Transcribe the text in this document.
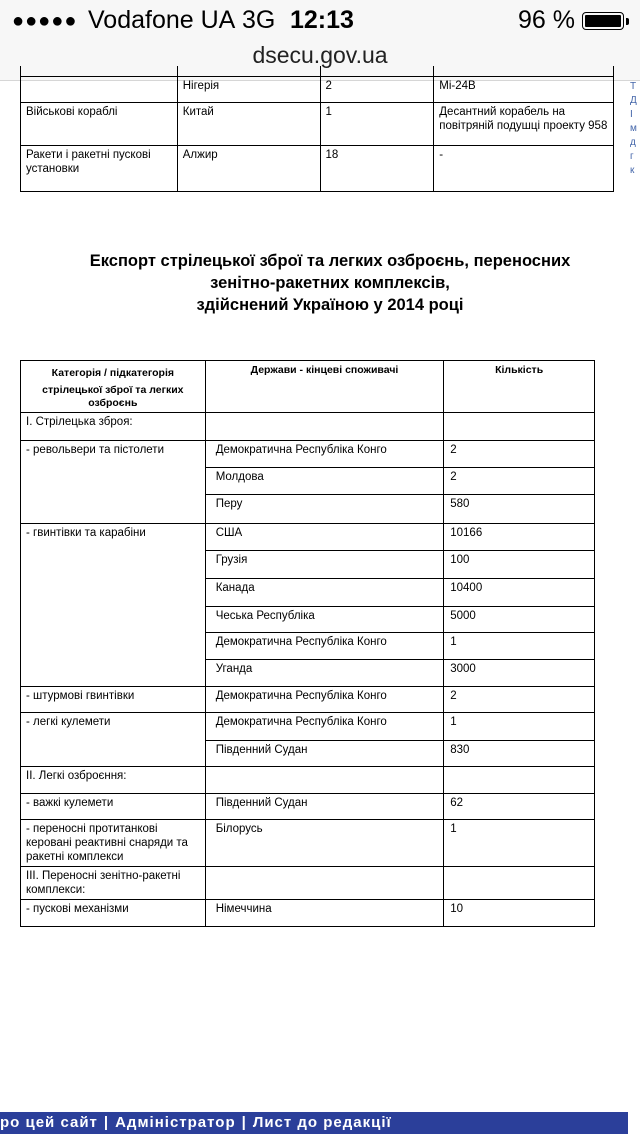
●●●●● Vodafone UA 3G 12:13	96 %
dsecu.gov.ua

	Нігерія	2	Мі-24В
Військові кораблі	Китай	1	Десантний корабель на повітряній подушці проекту 958
Ракети і ракетні пускові установки	Алжир	18	-
Т
Д
І
м
д
г
к
Експорт стрілецької зброї та легких озброєнь, переносних
зенітно-ракетних комплексів,
здійснений Україною у 2014 році
Категорія / підкатегорія
стрілецької зброї та легких озброєнь	Держави - кінцеві споживачі	Кількість
I. Стрілецька зброя:		
- револьвери та пістолети	Демократична Республіка Конго	2
	Молдова	2
	Перу	580
- гвинтівки та карабіни	США	10166
	Грузія	100
	Канада	10400
	Чеська Республіка	5000
	Демократична Республіка Конго	1
	Уганда	3000
- штурмові гвинтівки	Демократична Республіка Конго	2
- легкі кулемети	Демократична Республіка Конго	1
	Південний Судан	830
II. Легкі озброєння:		
- важкі кулемети	Південний Судан	62
- переносні протитанкові керовані реактивні снаряди та ракетні комплекси	Білорусь	1
III. Переносні зенітно-ракетні комплекси:		
- пускові механізми	Німеччина	10
ро цей сайт | Адміністратор | Лист до редакції
